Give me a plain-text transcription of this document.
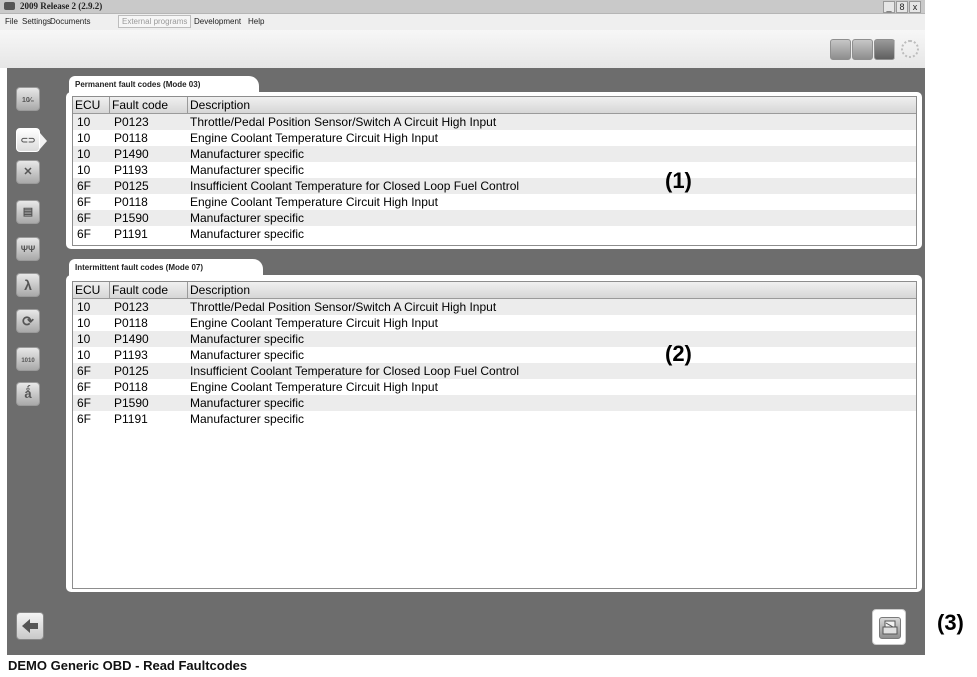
2009 Release 2 (2.9.2)	_ 8 x
File Settings Documents	External programs Development Help
10⁄₀
⊂⊃
✕
▤
ΨΨ
λ
⟳
1010
ǻ
Permanent fault codes (Mode 03)
ECU Fault code	Description
10 P0123	Throttle/Pedal Position Sensor/Switch A Circuit High Input
10 P0118	Engine Coolant Temperature Circuit High Input
10 P1490	Manufacturer specific
10 P1193	Manufacturer specific
6F P0125	Insufficient Coolant Temperature for Closed Loop Fuel Control
6F P0118	Engine Coolant Temperature Circuit High Input
6F P1590	Manufacturer specific
6F P1191	Manufacturer specific
Intermittent fault codes (Mode 07)
ECU Fault code	Description
10 P0123	Throttle/Pedal Position Sensor/Switch A Circuit High Input
10 P0118	Engine Coolant Temperature Circuit High Input
10 P1490	Manufacturer specific
10 P1193	Manufacturer specific
6F P0125	Insufficient Coolant Temperature for Closed Loop Fuel Control
6F P0118	Engine Coolant Temperature Circuit High Input
6F P1590	Manufacturer specific
6F P1191	Manufacturer specific
(1)
(2)
(3)
DEMO Generic OBD - Read Faultcodes
